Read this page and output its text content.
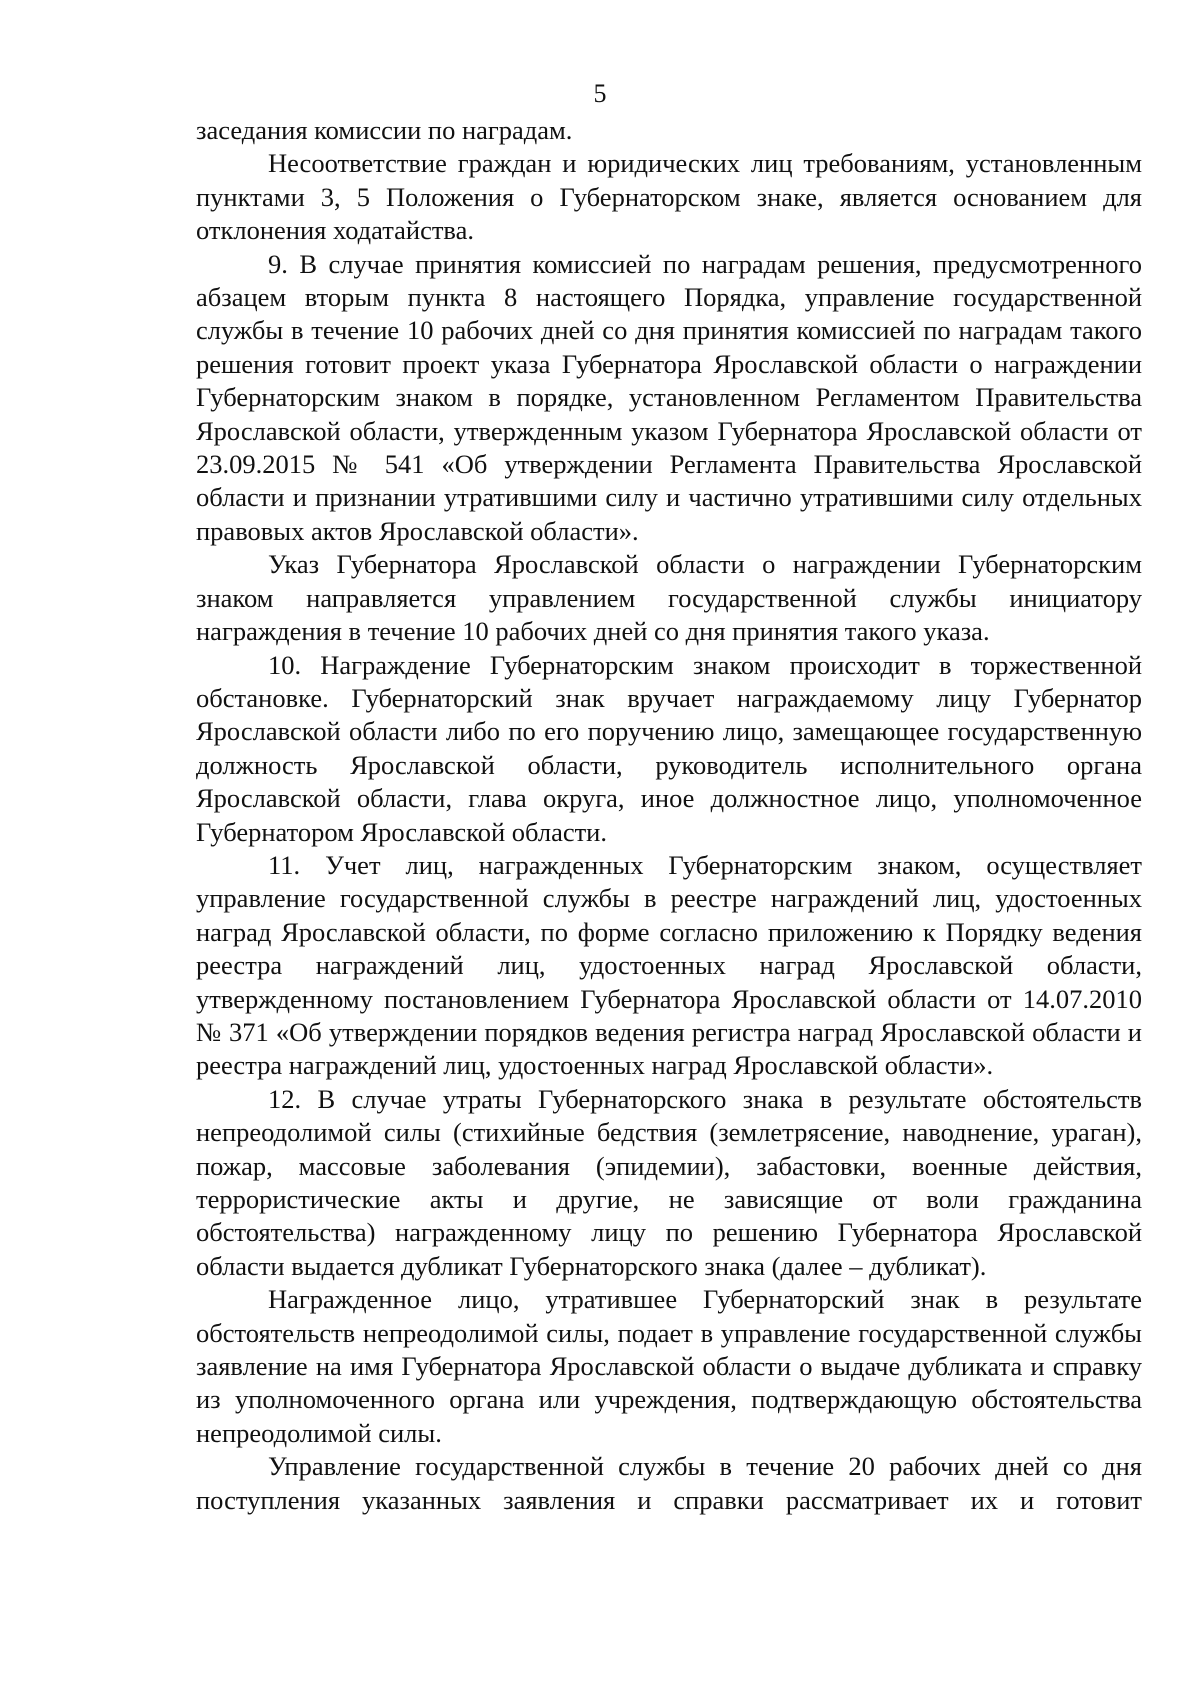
5

заседания комиссии по наградам.

Несоответствие граждан и юридических лиц требованиям, установленным пунктами 3, 5 Положения о Губернаторском знаке, является основанием для отклонения ходатайства.

9. В случае принятия комиссией по наградам решения, предусмотренного абзацем вторым пункта 8 настоящего Порядка, управление государственной службы в течение 10 рабочих дней со дня принятия комиссией по наградам такого решения готовит проект указа Губернатора Ярославской области о награждении Губернаторским знаком в порядке, установленном Регламентом Правительства Ярославской области, утвержденным указом Губернатора Ярославской области от 23.09.2015 № 541 «Об утверждении Регламента Правительства Ярославской области и признании утратившими силу и частично утратившими силу отдельных правовых актов Ярославской области».

Указ Губернатора Ярославской области о награждении Губернаторским знаком направляется управлением государственной службы инициатору награждения в течение 10 рабочих дней со дня принятия такого указа.

10. Награждение Губернаторским знаком происходит в торжественной обстановке. Губернаторский знак вручает награждаемому лицу Губернатор Ярославской области либо по его поручению лицо, замещающее государственную должность Ярославской области, руководитель исполнительного органа Ярославской области, глава округа, иное должностное лицо, уполномоченное Губернатором Ярославской области.

11. Учет лиц, награжденных Губернаторским знаком, осуществляет управление государственной службы в реестре награждений лиц, удостоенных наград Ярославской области, по форме согласно приложению к Порядку ведения реестра награждений лиц, удостоенных наград Ярославской области, утвержденному постановлением Губернатора Ярославской области от 14.07.2010 № 371 «Об утверждении порядков ведения регистра наград Ярославской области и реестра награждений лиц, удостоенных наград Ярославской области».

12. В случае утраты Губернаторского знака в результате обстоятельств непреодолимой силы (стихийные бедствия (землетрясение, наводнение, ураган), пожар, массовые заболевания (эпидемии), забастовки, военные действия, террористические акты и другие, не зависящие от воли гражданина обстоятельства) награжденному лицу по решению Губернатора Ярославской области выдается дубликат Губернаторского знака (далее – дубликат).

Награжденное лицо, утратившее Губернаторский знак в результате обстоятельств непреодолимой силы, подает в управление государственной службы заявление на имя Губернатора Ярославской области о выдаче дубликата и справку из уполномоченного органа или учреждения, подтверждающую обстоятельства непреодолимой силы.

Управление государственной службы в течение 20 рабочих дней со дня поступления указанных заявления и справки рассматривает их и готовит
